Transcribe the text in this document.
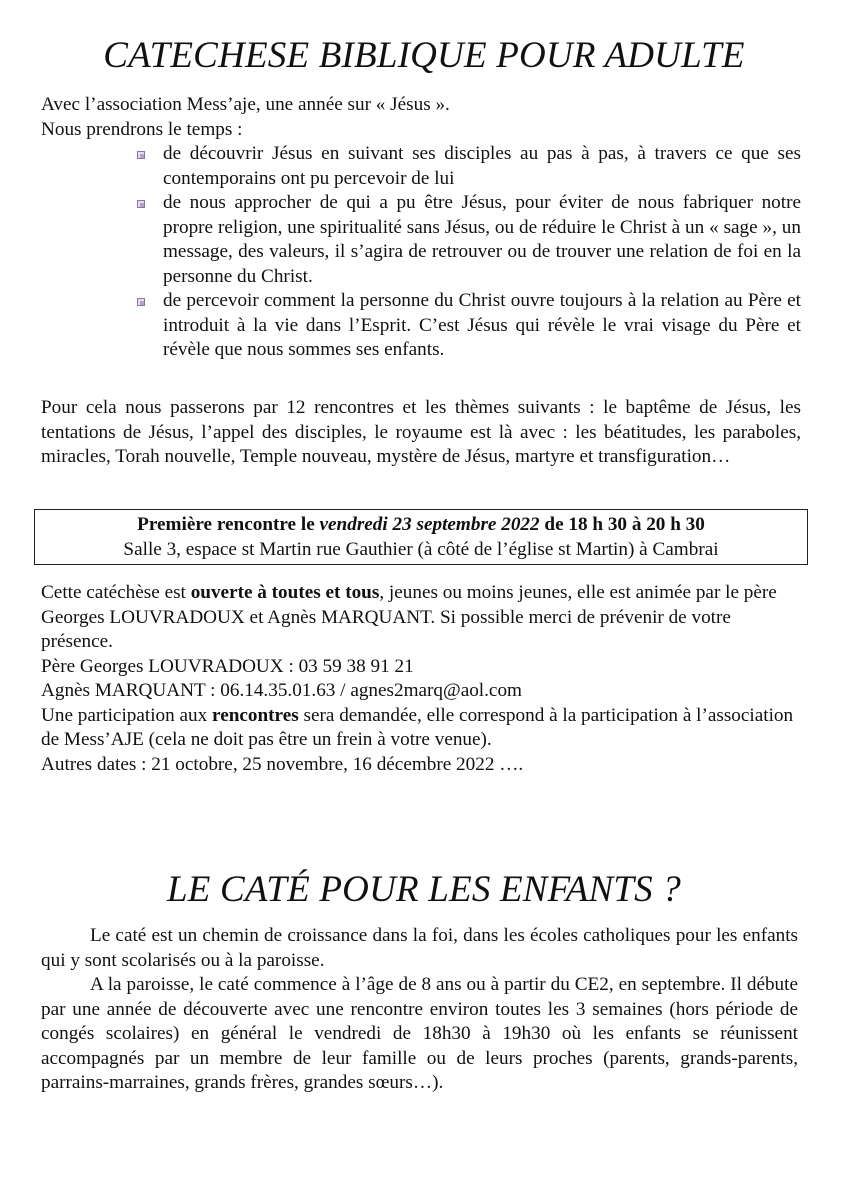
CATECHESE BIBLIQUE POUR ADULTE

Avec l’association Mess’aje, une année sur « Jésus ».

Nous prendrons le temps :

de découvrir Jésus en suivant ses disciples au pas à pas, à travers ce que ses contemporains ont pu percevoir de lui
de nous approcher de qui a pu être Jésus, pour éviter de nous fabriquer notre propre religion, une spiritualité sans Jésus, ou de réduire le Christ à un « sage », un message, des valeurs, il s’agira de retrouver ou de trouver une relation de foi en la personne du Christ.
de percevoir comment la personne du Christ ouvre toujours à la relation au Père et introduit à la vie dans l’Esprit. C’est Jésus qui révèle le vrai visage du Père et révèle que nous sommes ses enfants.

Pour cela nous passerons par 12 rencontres et les thèmes suivants : le baptême de Jésus, les tentations de Jésus, l’appel des disciples, le royaume est là avec : les béatitudes, les paraboles, miracles, Torah nouvelle, Temple nouveau, mystère de Jésus, martyre et transfiguration…

Première rencontre le vendredi 23 septembre 2022 de 18 h 30 à 20 h 30
Salle 3, espace st Martin rue Gauthier (à côté de l’église st Martin) à Cambrai

Cette catéchèse est ouverte à toutes et tous, jeunes ou moins jeunes, elle est animée par le père Georges LOUVRADOUX et Agnès MARQUANT. Si possible merci de prévenir de votre présence.

Père Georges LOUVRADOUX : 03 59 38 91 21

Agnès MARQUANT : 06.14.35.01.63 / agnes2marq@aol.com

Une participation aux rencontres sera demandée, elle correspond à la participation à l’association de Mess’AJE (cela ne doit pas être un frein à votre venue).

Autres dates : 21 octobre, 25 novembre, 16 décembre 2022 ….

LE CATÉ POUR LES ENFANTS ?

Le caté est un chemin de croissance dans la foi, dans les écoles catholiques pour les enfants qui y sont scolarisés ou à la paroisse.

A la paroisse, le caté commence à l’âge de 8 ans ou à partir du CE2, en septembre. Il débute par une année de découverte avec une rencontre environ toutes les 3 semaines (hors période de congés scolaires) en général le vendredi de 18h30 à 19h30 où les enfants se réunissent accompagnés par un membre de leur famille ou de leurs proches (parents, grands-parents, parrains-marraines, grands frères, grandes sœurs…).
